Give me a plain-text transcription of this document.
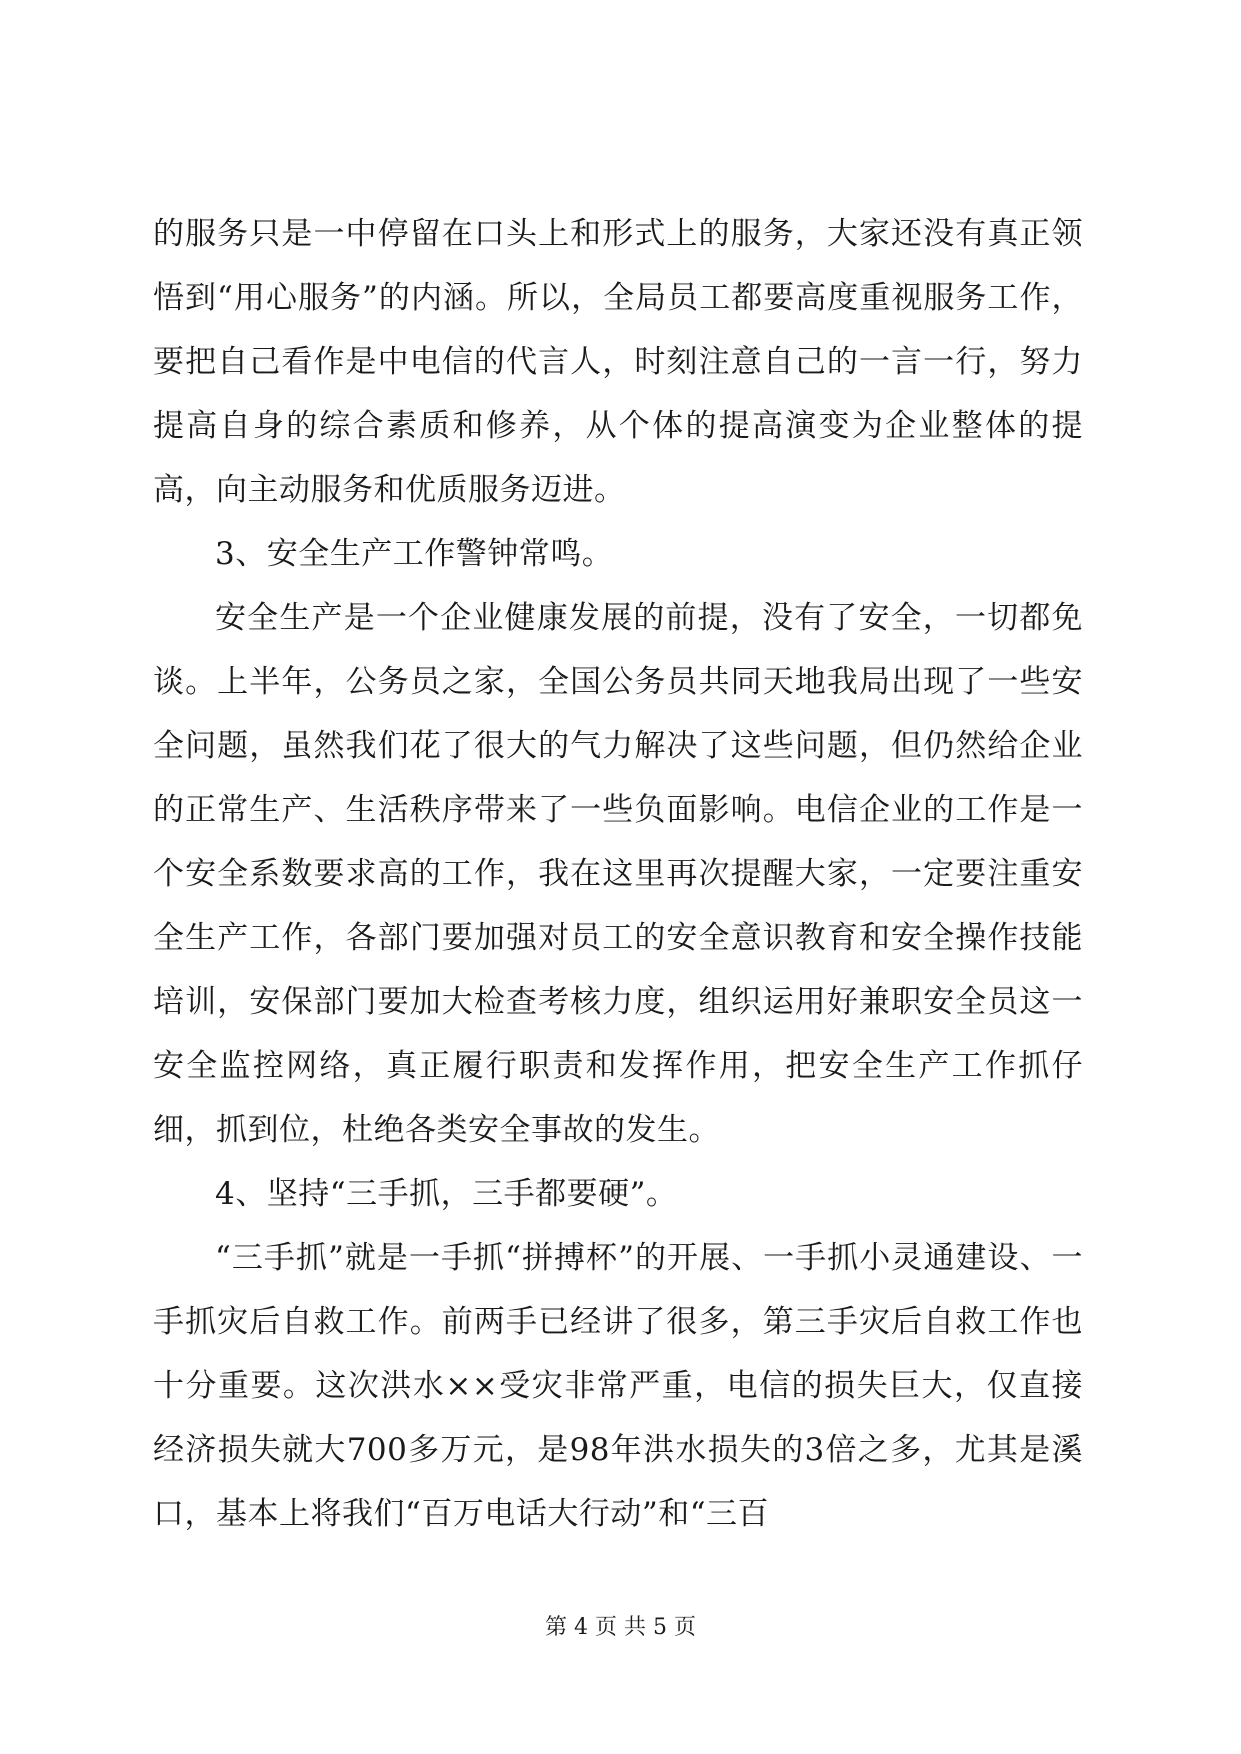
的服务只是一中停留在口头上和形式上的服务，大家还没有真正领悟到“用心服务”的内涵。所以，全局员工都要高度重视服务工作，要把自己看作是中电信的代言人，时刻注意自己的一言一行，努力提高自身的综合素质和修养，从个体的提高演变为企业整体的提高，向主动服务和优质服务迈进。

3、安全生产工作警钟常鸣。

安全生产是一个企业健康发展的前提，没有了安全，一切都免谈。上半年，公务员之家，全国公务员共同天地我局出现了一些安全问题，虽然我们花了很大的气力解决了这些问题，但仍然给企业的正常生产、生活秩序带来了一些负面影响。电信企业的工作是一个安全系数要求高的工作，我在这里再次提醒大家，一定要注重安全生产工作，各部门要加强对员工的安全意识教育和安全操作技能培训，安保部门要加大检查考核力度，组织运用好兼职安全员这一安全监控网络，真正履行职责和发挥作用，把安全生产工作抓仔细，抓到位，杜绝各类安全事故的发生。

4、坚持“三手抓，三手都要硬”。

“三手抓”就是一手抓“拼搏杯”的开展、一手抓小灵通建设、一手抓灾后自救工作。前两手已经讲了很多，第三手灾后自救工作也十分重要。这次洪水××受灾非常严重，电信的损失巨大，仅直接经济损失就大700多万元，是98年洪水损失的3倍之多，尤其是溪口，基本上将我们“百万电话大行动”和“三百

第 4 页 共 5 页
